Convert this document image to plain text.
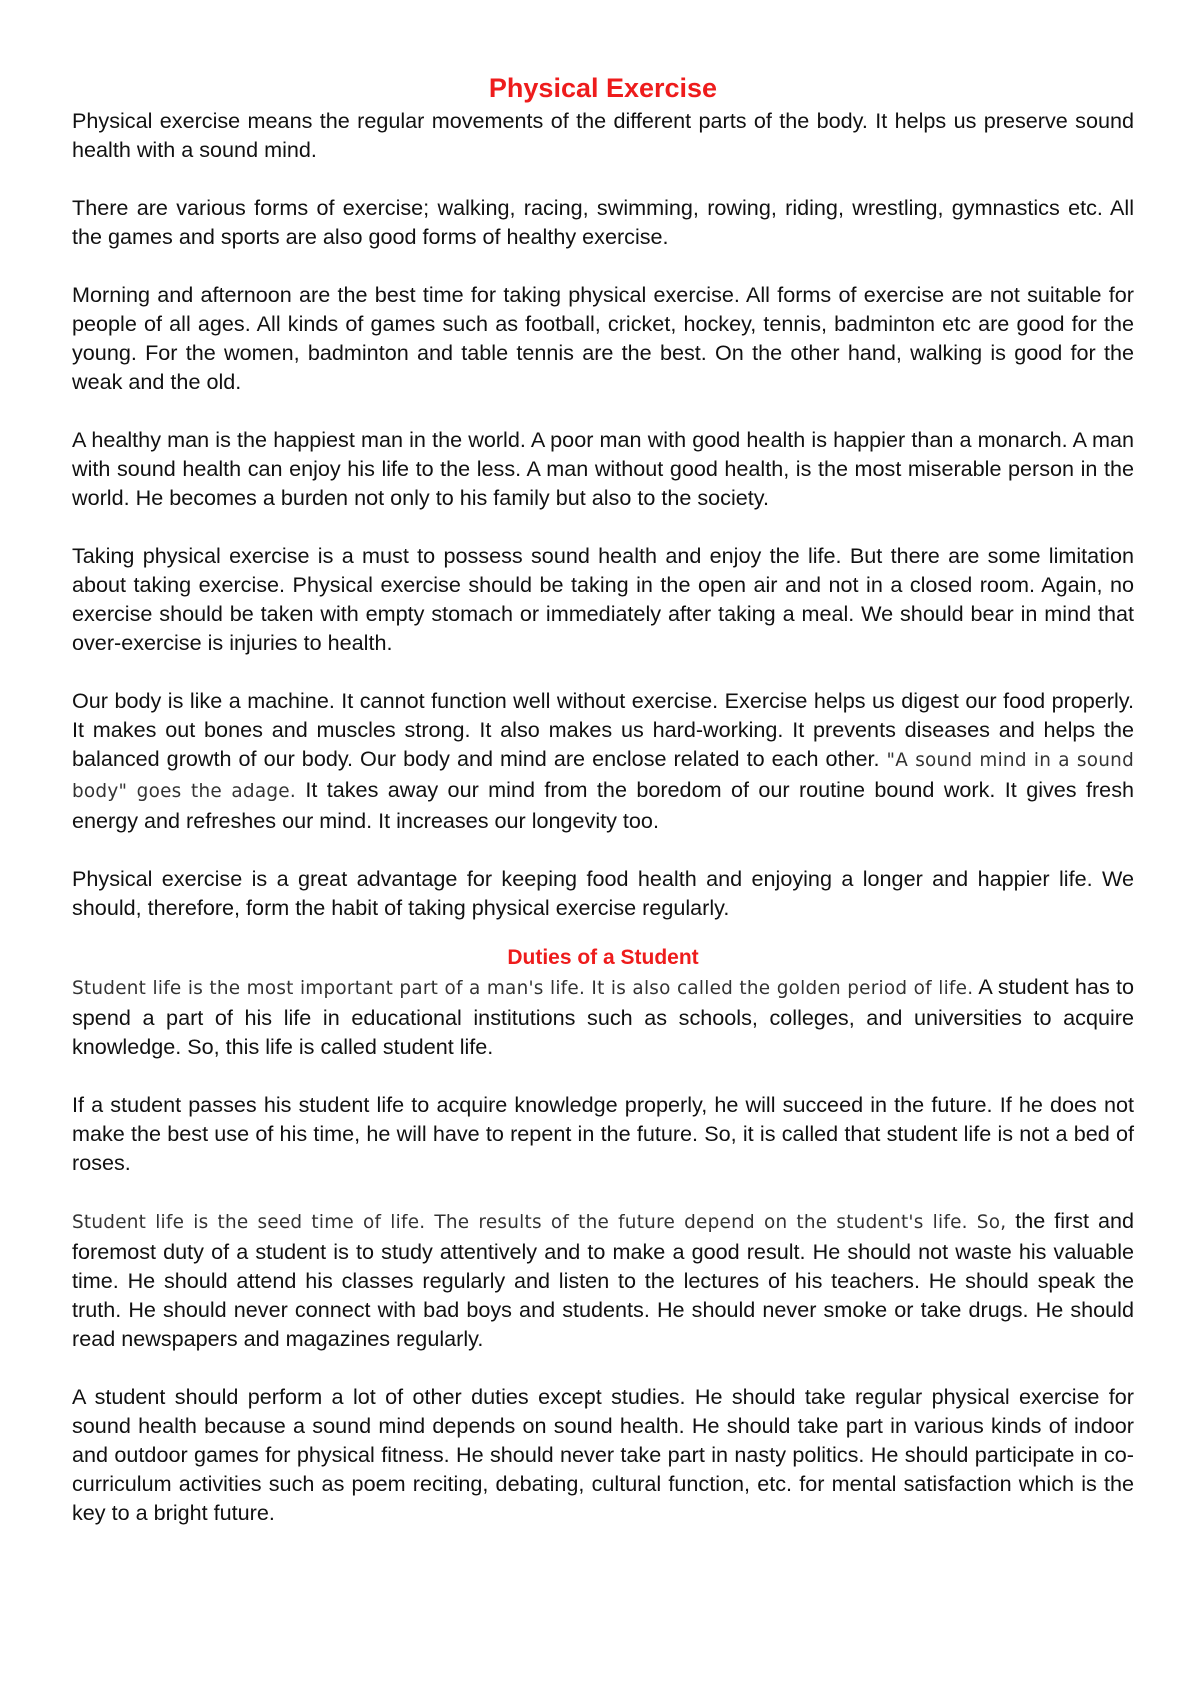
Physical Exercise

Physical exercise means the regular movements of the different parts of the body. It helps us preserve sound health with a sound mind.

There are various forms of exercise; walking, racing, swimming, rowing, riding, wrestling, gymnastics etc. All the games and sports are also good forms of healthy exercise.

Morning and afternoon are the best time for taking physical exercise. All forms of exercise are not suitable for people of all ages. All kinds of games such as football, cricket, hockey, tennis, badminton etc are good for the young. For the women, badminton and table tennis are the best. On the other hand, walking is good for the weak and the old.

A healthy man is the happiest man in the world. A poor man with good health is happier than a monarch. A man with sound health can enjoy his life to the less. A man without good health, is the most miserable person in the world. He becomes a burden not only to his family but also to the society.

Taking physical exercise is a must to possess sound health and enjoy the life. But there are some limitation about taking exercise. Physical exercise should be taking in the open air and not in a closed room. Again, no exercise should be taken with empty stomach or immediately after taking a meal. We should bear in mind that over-exercise is injuries to health.

Our body is like a machine. It cannot function well without exercise. Exercise helps us digest our food properly. It makes out bones and muscles strong. It also makes us hard-working. It prevents diseases and helps the balanced growth of our body. Our body and mind are enclose related to each other. "A sound mind in a sound body" goes the adage. It takes away our mind from the boredom of our routine bound work. It gives fresh energy and refreshes our mind. It increases our longevity too.

Physical exercise is a great advantage for keeping food health and enjoying a longer and happier life. We should, therefore, form the habit of taking physical exercise regularly.

Duties of a Student

Student life is the most important part of a man's life. It is also called the golden period of life. A student has to spend a part of his life in educational institutions such as schools, colleges, and universities to acquire knowledge. So, this life is called student life.

If a student passes his student life to acquire knowledge properly, he will succeed in the future. If he does not make the best use of his time, he will have to repent in the future. So, it is called that student life is not a bed of roses.

Student life is the seed time of life. The results of the future depend on the student's life. So, the first and foremost duty of a student is to study attentively and to make a good result. He should not waste his valuable time. He should attend his classes regularly and listen to the lectures of his teachers. He should speak the truth. He should never connect with bad boys and students. He should never smoke or take drugs. He should read newspapers and magazines regularly.

A student should perform a lot of other duties except studies. He should take regular physical exercise for sound health because a sound mind depends on sound health. He should take part in various kinds of indoor and outdoor games for physical fitness. He should never take part in nasty politics. He should participate in co-curriculum activities such as poem reciting, debating, cultural function, etc. for mental satisfaction which is the key to a bright future.
